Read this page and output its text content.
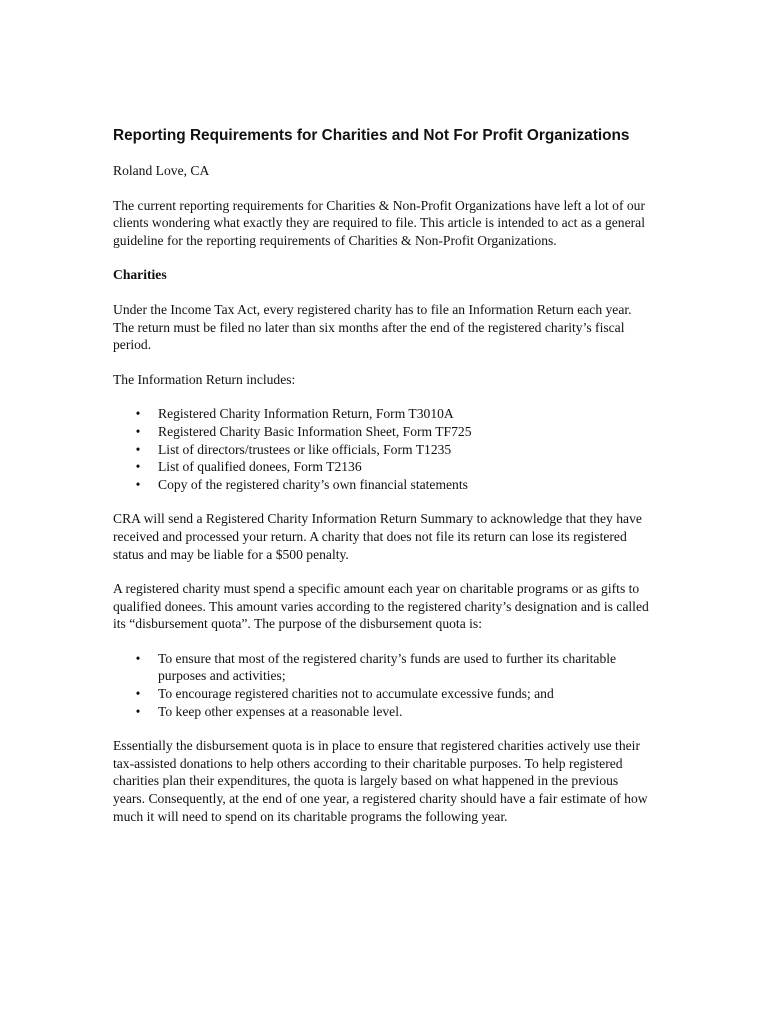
Reporting Requirements for Charities and Not For Profit Organizations

Roland Love, CA

The current reporting requirements for Charities & Non-Profit Organizations have left a lot of our clients wondering what exactly they are required to file. This article is intended to act as a general guideline for the reporting requirements of Charities & Non-Profit Organizations.

Charities

Under the Income Tax Act, every registered charity has to file an Information Return each year. The return must be filed no later than six months after the end of the registered charity’s fiscal period.

The Information Return includes:

• Registered Charity Information Return, Form T3010A
• Registered Charity Basic Information Sheet, Form TF725
• List of directors/trustees or like officials, Form T1235
• List of qualified donees, Form T2136
• Copy of the registered charity’s own financial statements

CRA will send a Registered Charity Information Return Summary to acknowledge that they have received and processed your return. A charity that does not file its return can lose its registered status and may be liable for a $500 penalty.

A registered charity must spend a specific amount each year on charitable programs or as gifts to qualified donees. This amount varies according to the registered charity’s designation and is called its “disbursement quota”. The purpose of the disbursement quota is:

• To ensure that most of the registered charity’s funds are used to further its charitable purposes and activities;
• To encourage registered charities not to accumulate excessive funds; and
• To keep other expenses at a reasonable level.

Essentially the disbursement quota is in place to ensure that registered charities actively use their tax-assisted donations to help others according to their charitable purposes. To help registered charities plan their expenditures, the quota is largely based on what happened in the previous years. Consequently, at the end of one year, a registered charity should have a fair estimate of how much it will need to spend on its charitable programs the following year.
